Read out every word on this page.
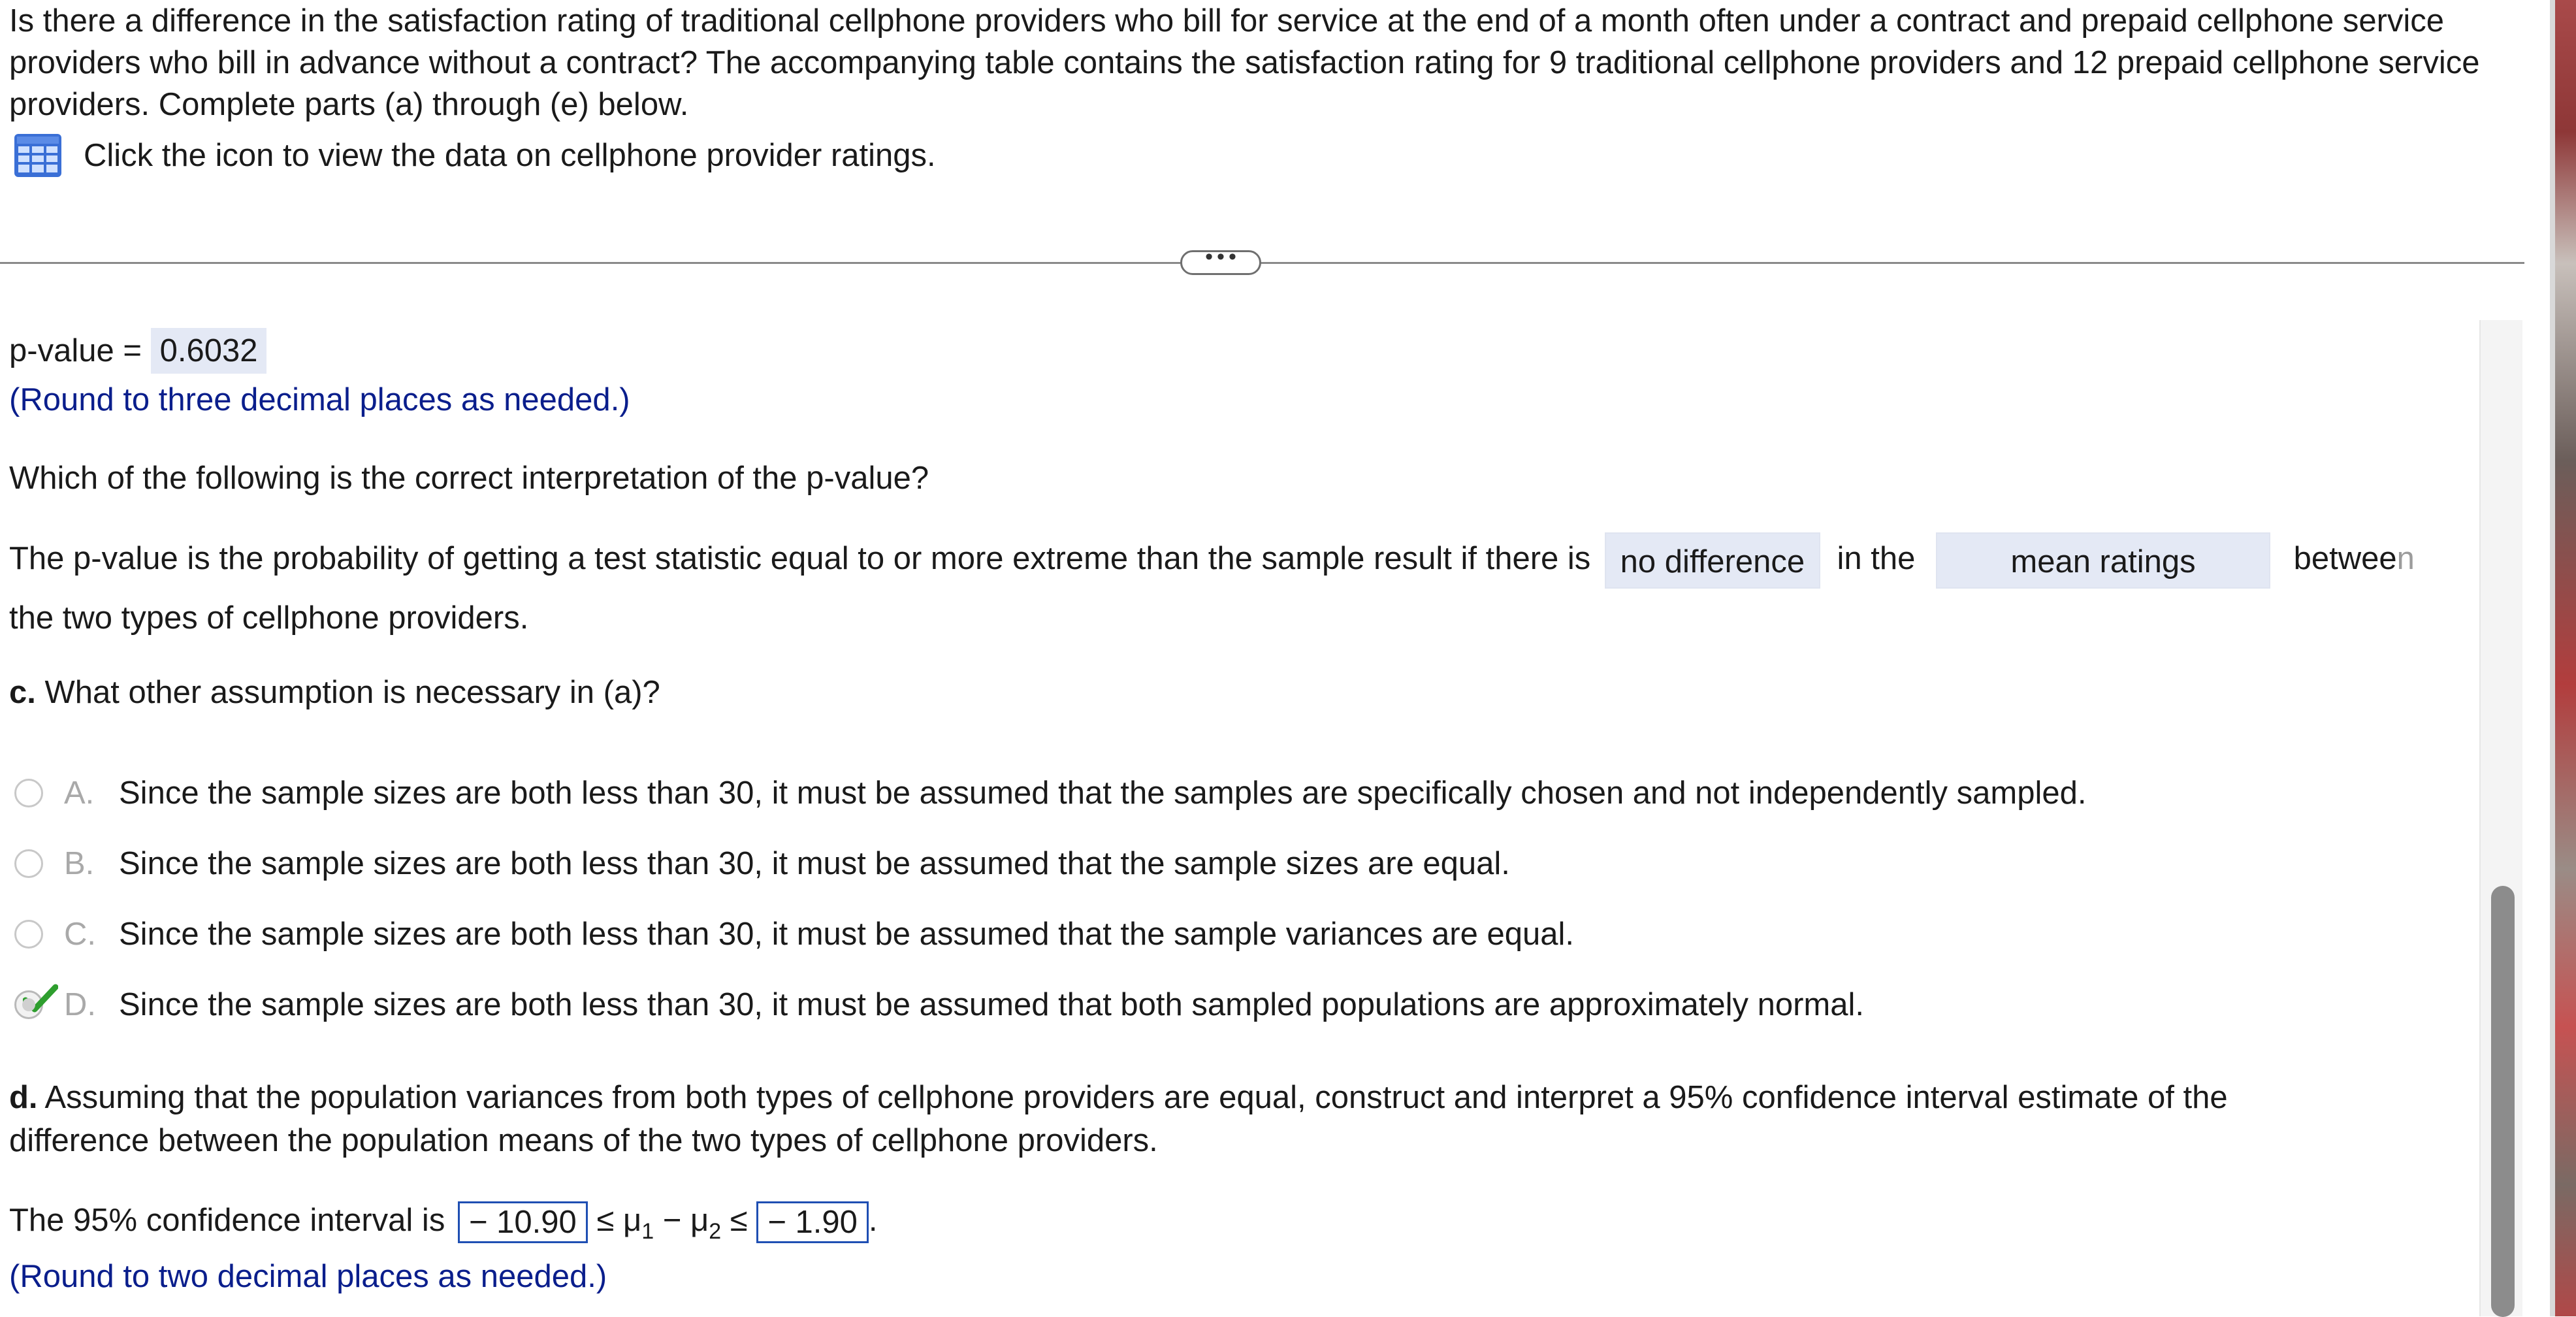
Is there a difference in the satisfaction rating of traditional cellphone providers who bill for service at the end of a month often under a contract and prepaid cellphone service providers who bill in advance without a contract? The accompanying table contains the satisfaction rating for 9 traditional cellphone providers and 12 prepaid cellphone service providers. Complete parts (a) through (e) below.
Click the icon to view the data on cellphone provider ratings.
•••
p-value = 0.6032
(Round to three decimal places as needed.)
Which of the following is the correct interpretation of the p-value?
The p-value is the probability of getting a test statistic equal to or more extreme than the sample result if there is no difference in the	mean ratings	between
the two types of cellphone providers.
c. What other assumption is necessary in (a)?
A. Since the sample sizes are both less than 30, it must be assumed that the samples are specifically chosen and not independently sampled.
B. Since the sample sizes are both less than 30, it must be assumed that the sample sizes are equal.
C. Since the sample sizes are both less than 30, it must be assumed that the sample variances are equal.
D. Since the sample sizes are both less than 30, it must be assumed that both sampled populations are approximately normal.
d. Assuming that the population variances from both types of cellphone providers are equal, construct and interpret a 95% confidence interval estimate of the
difference between the population means of the two types of cellphone providers.
The 95% confidence interval is − $10.90 \le \mu_1 - \mu_2$ ≤ − 1.90 .
(Round to two decimal places as needed.)
